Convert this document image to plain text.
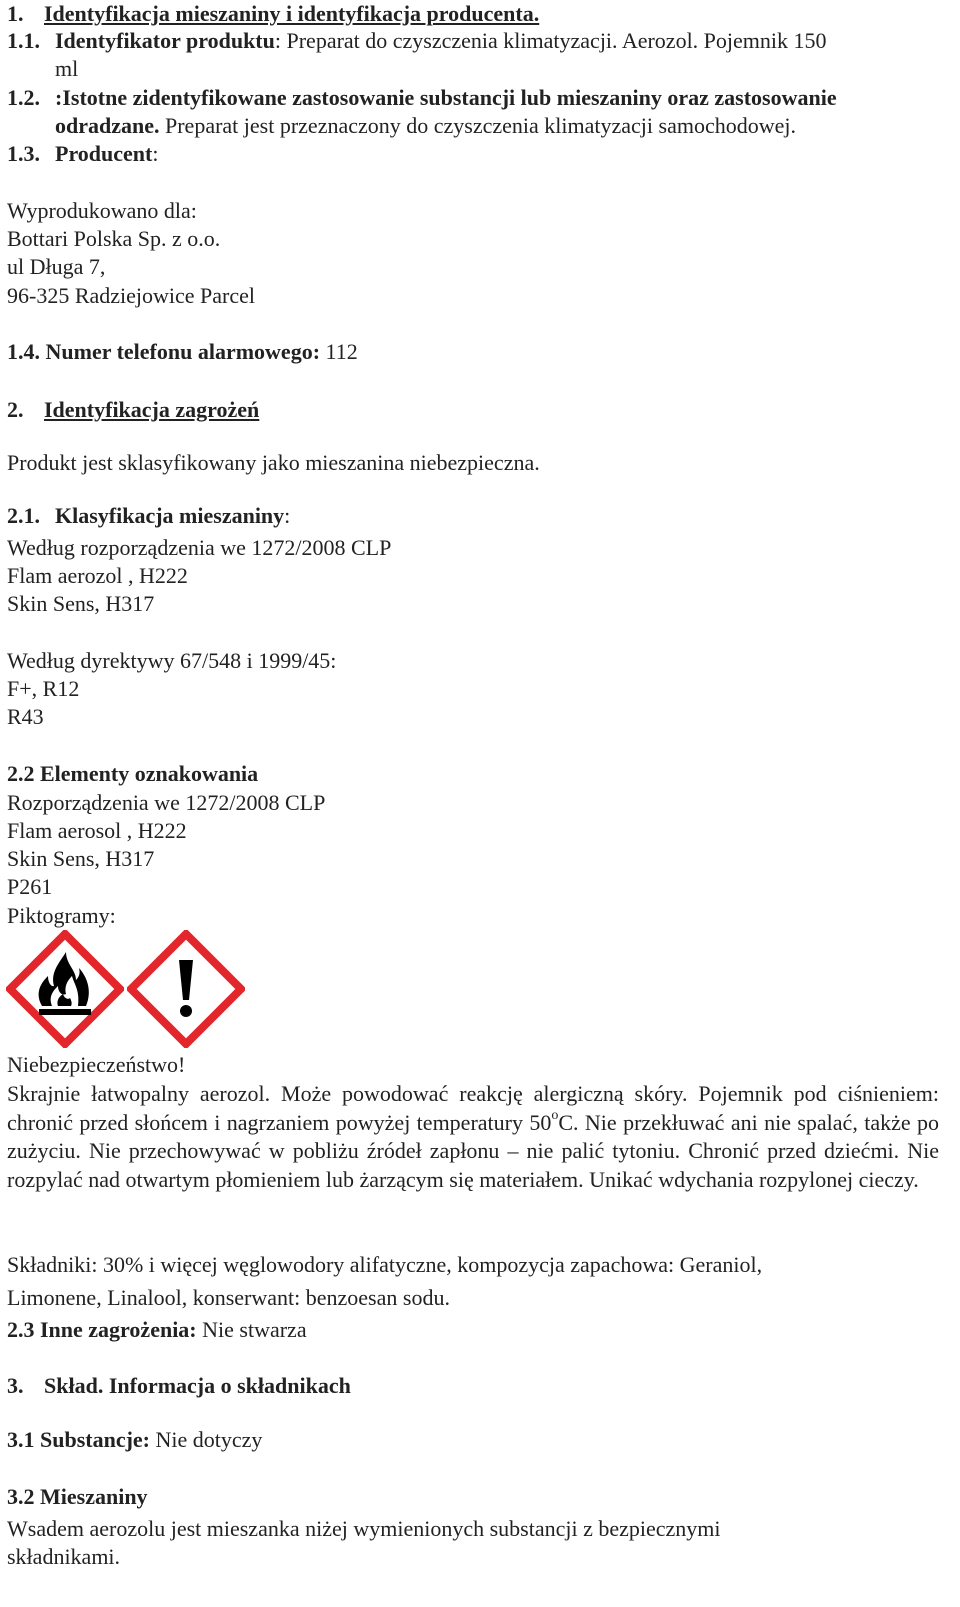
1. Identyfikacja mieszaniny i identyfikacja producenta.
1.1. Identyfikator produktu: Preparat do czyszczenia klimatyzacji. Aerozol. Pojemnik 150
ml
1.2. :Istotne zidentyfikowane zastosowanie substancji lub mieszaniny oraz zastosowanie
odradzane. Preparat jest przeznaczony do czyszczenia klimatyzacji samochodowej.
1.3. Producent:
Wyprodukowano dla:
Bottari Polska Sp. z o.o.
ul Długa 7,
96-325 Radziejowice Parcel
1.4. Numer telefonu alarmowego: 112
2. Identyfikacja zagrożeń
Produkt jest sklasyfikowany jako mieszanina niebezpieczna.
2.1. Klasyfikacja mieszaniny:
Według rozporządzenia we 1272/2008 CLP
Flam aerozol , H222
Skin Sens, H317
Według dyrektywy 67/548 i 1999/45:
F+, R12
R43
2.2 Elementy oznakowania
Rozporządzenia we 1272/2008 CLP
Flam aerosol , H222
Skin Sens, H317
P261
Piktogramy:
Niebezpieczeństwo!
Skrajnie łatwopalny aerozol. Może powodować reakcję alergiczną skóry. Pojemnik pod ciśnieniem: chronić przed słońcem i nagrzaniem powyżej temperatury 50$^o$C. Nie przekłuwać ani nie spalać, także po zużyciu. Nie przechowywać w pobliżu źródeł zapłonu – nie palić tytoniu. Chronić przed dziećmi. Nie rozpylać nad otwartym płomieniem lub żarzącym się materiałem. Unikać wdychania rozpylonej cieczy.
Składniki: 30% i więcej węglowodory alifatyczne, kompozycja zapachowa: Geraniol,
Limonene, Linalool, konserwant: benzoesan sodu.
2.3 Inne zagrożenia: Nie stwarza
3. Skład. Informacja o składnikach
3.1 Substancje: Nie dotyczy
3.2 Mieszaniny
Wsadem aerozolu jest mieszanka niżej wymienionych substancji z bezpiecznymi
składnikami.
